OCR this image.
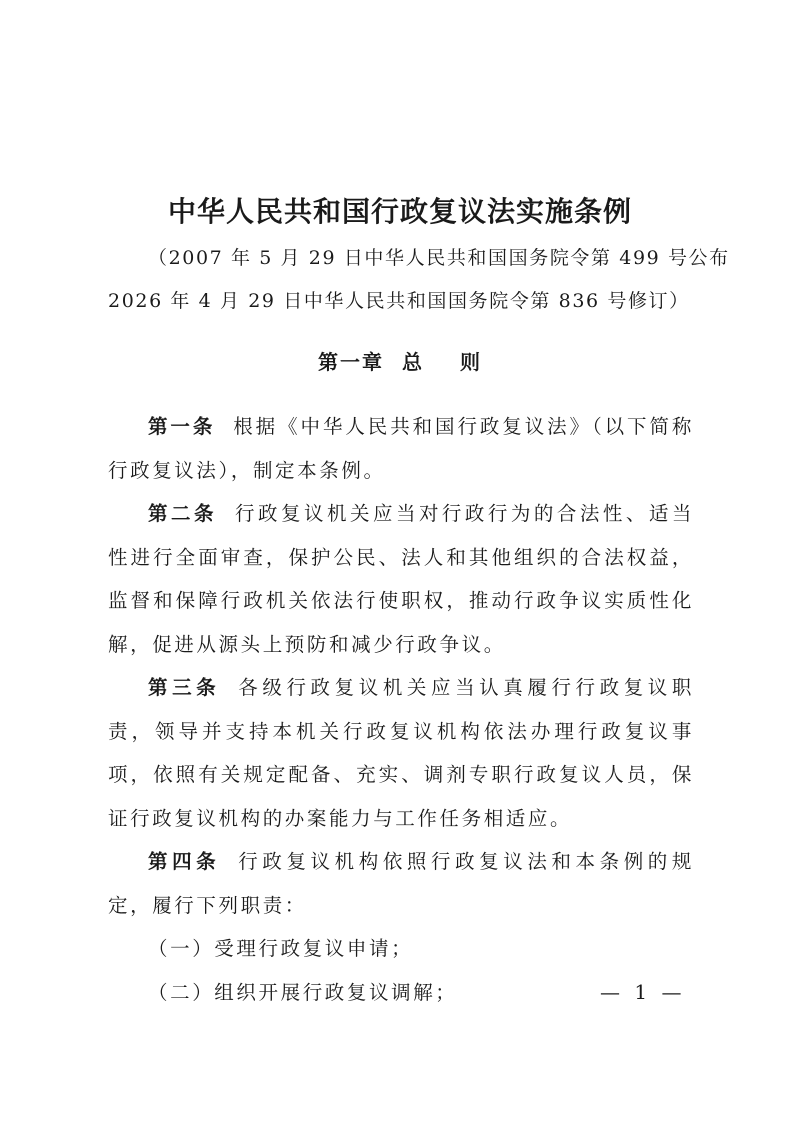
中华人民共和国行政复议法实施条例
（2007 年 5 月 29 日中华人民共和国国务院令第 499 号公布
2026 年 4 月 29 日中华人民共和国国务院令第 836 号修订）
第一章 总 则

第一条 根据《中华人民共和国行政复议法》（以下简称行政复议法），制定本条例。

第二条 行政复议机关应当对行政行为的合法性、适当性进行全面审查，保护公民、法人和其他组织的合法权益，监督和保障行政机关依法行使职权，推动行政争议实质性化解，促进从源头上预防和减少行政争议。

第三条 各级行政复议机关应当认真履行行政复议职责，领导并支持本机关行政复议机构依法办理行政复议事项，依照有关规定配备、充实、调剂专职行政复议人员，保证行政复议机构的办案能力与工作任务相适应。

第四条 行政复议机构依照行政复议法和本条例的规定，履行下列职责：

（一）受理行政复议申请；

（二）组织开展行政复议调解；	— 1 —
